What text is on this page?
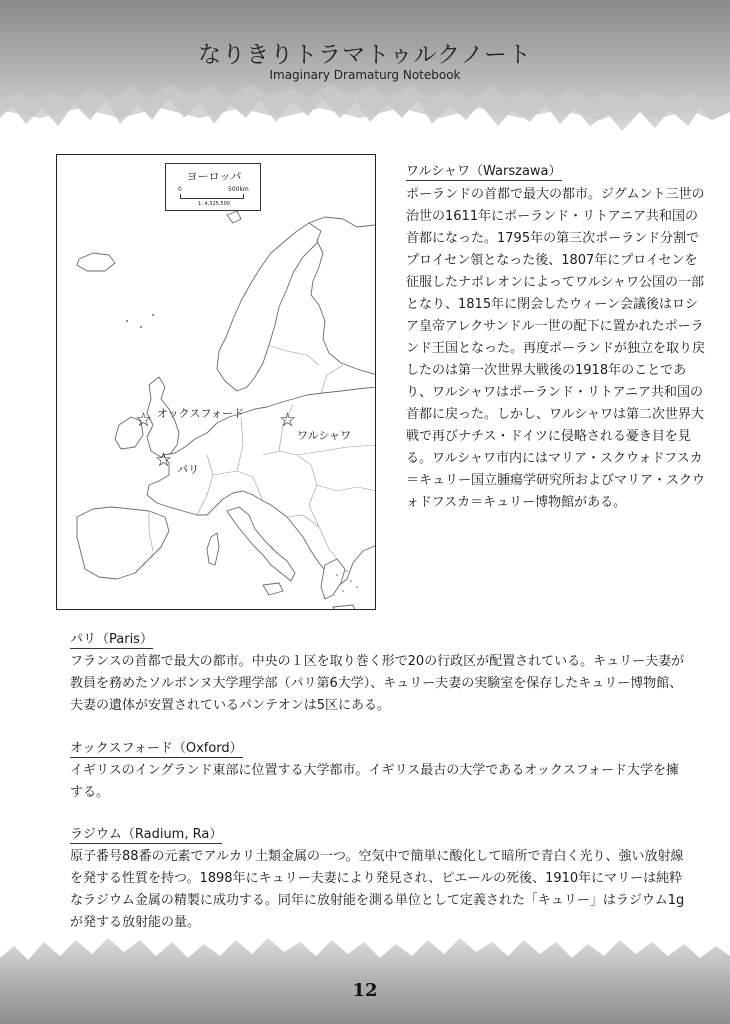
なりきりトラマトゥルクノート
Imaginary Dramaturg Notebook
ヨーロッパ
0	500km
1: 4,325,500
☆ オックスフォード ☆
ワルシャワ
☆ パリ
ワルシャワ（Warszawa）
ポーランドの首都で最大の都市。ジグムント三世の治世の1611年にポーランド・リトアニア共和国の首都になった。1795年の第三次ポーランド分割でプロイセン領となった後、1807年にプロイセンを征服したナポレオンによってワルシャワ公国の一部となり、1815年に閉会したウィーン会議後はロシア皇帝アレクサンドル一世の配下に置かれたポーランド王国となった。再度ポーランドが独立を取り戻したのは第一次世界大戦後の1918年のことであり、ワルシャワはポーランド・リトアニア共和国の首都に戻った。しかし、ワルシャワは第二次世界大戦で再びナチス・ドイツに侵略される憂き目を見る。ワルシャワ市内にはマリア・スクウォドフスカ＝キュリー国立腫瘍学研究所およびマリア・スクウォドフスカ＝キュリー博物館がある。
パリ（Paris）
フランスの首都で最大の都市。中央の１区を取り巻く形で20の行政区が配置されている。キュリー夫妻が教員を務めたソルボンヌ大学理学部（パリ第6大学）、キュリー夫妻の実験室を保存したキュリー博物館、夫妻の遺体が安置されているパンテオンは5区にある。
オックスフォード（Oxford）
イギリスのイングランド東部に位置する大学都市。イギリス最古の大学であるオックスフォード大学を擁する。
ラジウム（Radium, Ra）
原子番号88番の元素でアルカリ土類金属の一つ。空気中で簡単に酸化して暗所で青白く光り、強い放射線を発する性質を持つ。1898年にキュリー夫妻により発見され、ピエールの死後、1910年にマリーは純粋なラジウム金属の精製に成功する。同年に放射能を測る単位として定義された「キュリー」はラジウム1gが発する放射能の量。
12
